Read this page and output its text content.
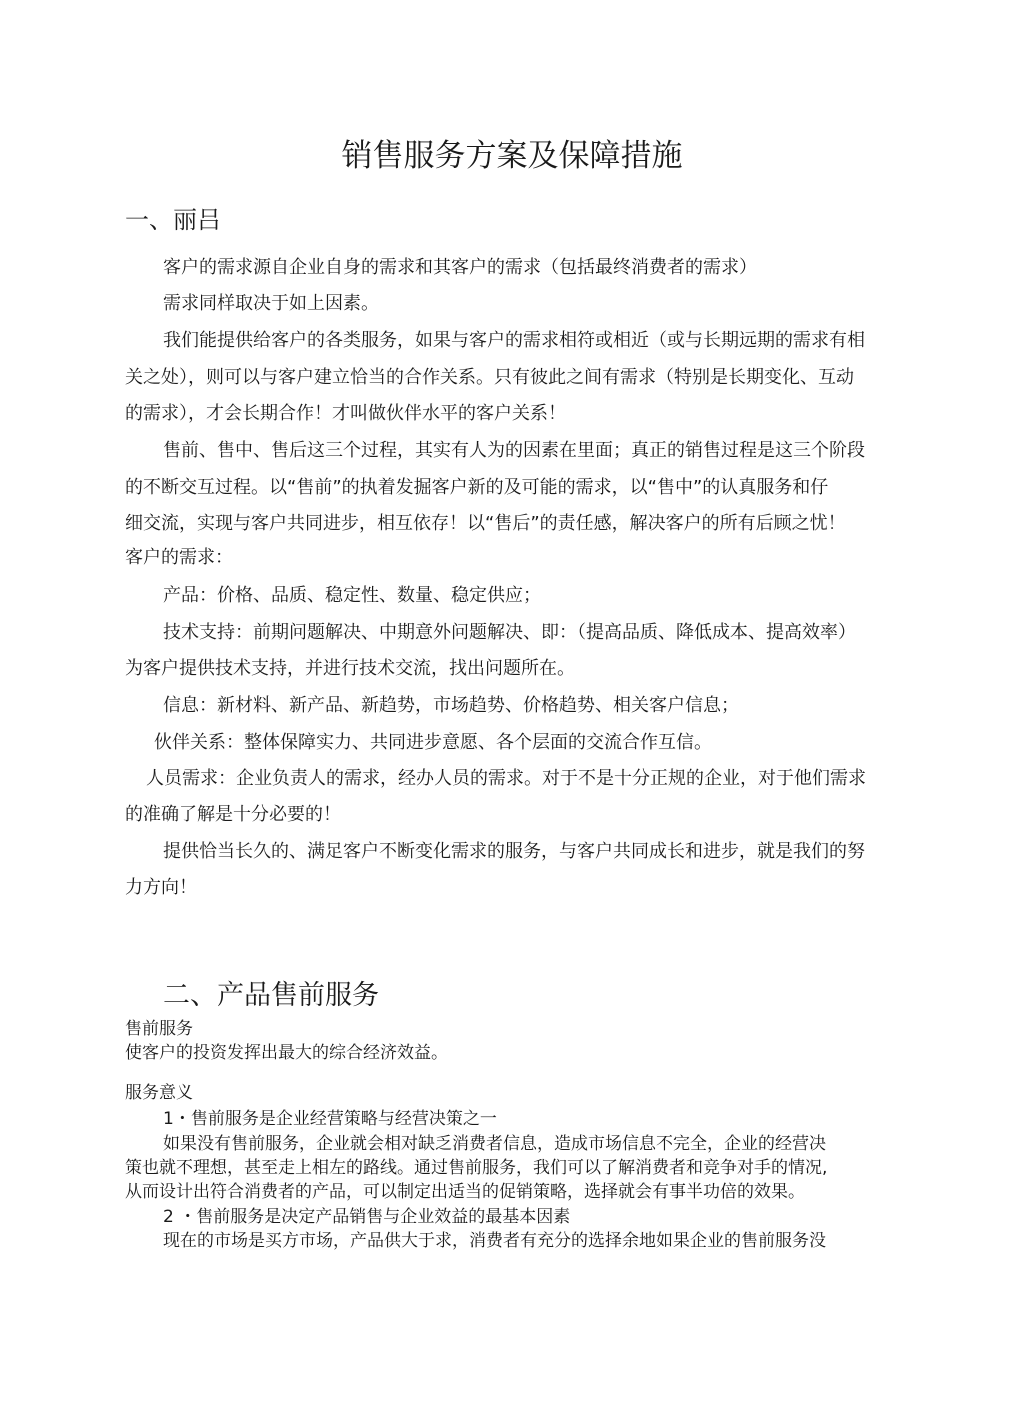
销售服务方案及保障措施
一、丽吕
客户的需求源自企业自身的需求和其客户的需求（包括最终消费者的需求）
需求同样取决于如上因素。
我们能提供给客户的各类服务，如果与客户的需求相符或相近（或与长期远期的需求有相
关之处），则可以与客户建立恰当的合作关系。只有彼此之间有需求（特别是长期变化、互动
的需求），才会长期合作！才叫做伙伴水平的客户关系！
售前、售中、售后这三个过程，其实有人为的因素在里面；真正的销售过程是这三个阶段
的不断交互过程。以“售前”的执着发掘客户新的及可能的需求，以“售中”的认真服务和仔
细交流，实现与客户共同进步，相互依存！以“售后”的责任感，解决客户的所有后顾之忧！
客户的需求：
产品：价格、品质、稳定性、数量、稳定供应；
技术支持：前期问题解决、中期意外问题解决、即：（提高品质、降低成本、提高效率）
为客户提供技术支持，并进行技术交流，找出问题所在。
信息：新材料、新产品、新趋势，市场趋势、价格趋势、相关客户信息；
伙伴关系：整体保障实力、共同进步意愿、各个层面的交流合作互信。
人员需求：企业负责人的需求，经办人员的需求。对于不是十分正规的企业，对于他们需求
的准确了解是十分必要的！
提供恰当长久的、满足客户不断变化需求的服务，与客户共同成长和进步，就是我们的努
力方向！
二、产品售前服务
售前服务
使客户的投资发挥出最大的综合经济效益。
服务意义
1・售前服务是企业经营策略与经营决策之一
如果没有售前服务，企业就会相对缺乏消费者信息，造成市场信息不完全，企业的经营决
策也就不理想，甚至走上相左的路线。通过售前服务，我们可以了解消费者和竞争对手的情况,
从而设计出符合消费者的产品，可以制定出适当的促销策略，选择就会有事半功倍的效果。
2 ・售前服务是决定产品销售与企业效益的最基本因素
现在的市场是买方市场，产品供大于求，消费者有充分的选择余地如果企业的售前服务没
